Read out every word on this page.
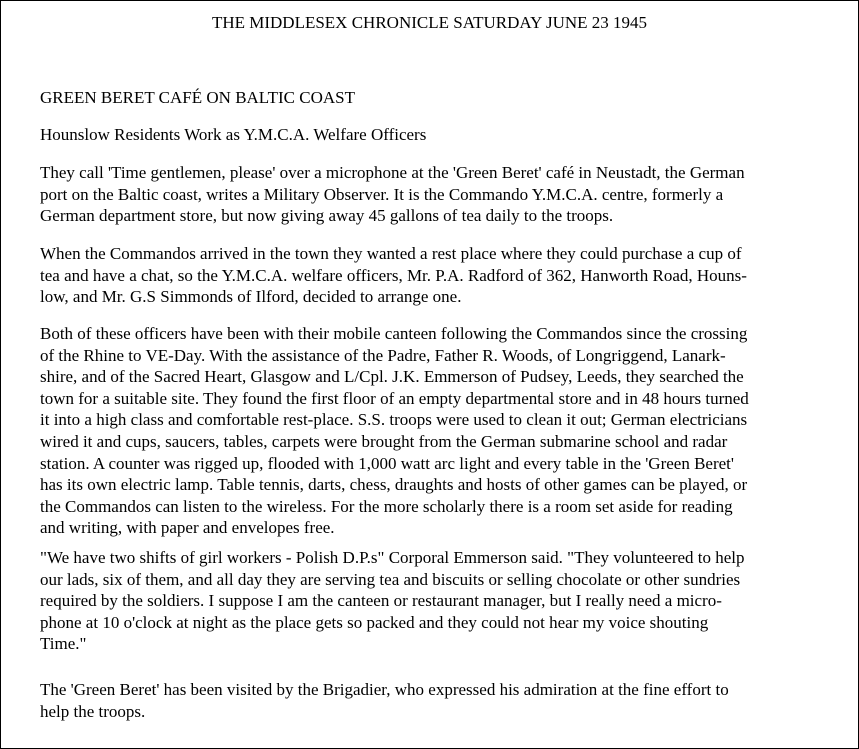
THE MIDDLESEX CHRONICLE SATURDAY JUNE 23 1945
GREEN BERET CAFÉ ON BALTIC COAST
Hounslow Residents Work as Y.M.C.A. Welfare Officers
They call 'Time gentlemen, please' over a microphone at the 'Green Beret' café in Neustadt, the German
port on the Baltic coast, writes a Military Observer. It is the Commando Y.M.C.A. centre, formerly a
German department store, but now giving away 45 gallons of tea daily to the troops.
When the Commandos arrived in the town they wanted a rest place where they could purchase a cup of
tea and have a chat, so the Y.M.C.A. welfare officers, Mr. P.A. Radford of 362, Hanworth Road, Houns-
low, and Mr. G.S Simmonds of Ilford, decided to arrange one.
Both of these officers have been with their mobile canteen following the Commandos since the crossing
of the Rhine to VE-Day. With the assistance of the Padre, Father R. Woods, of Longriggend, Lanark-
shire, and of the Sacred Heart, Glasgow and L/Cpl. J.K. Emmerson of Pudsey, Leeds, they searched the
town for a suitable site. They found the first floor of an empty departmental store and in 48 hours turned
it into a high class and comfortable rest-place. S.S. troops were used to clean it out; German electricians
wired it and cups, saucers, tables, carpets were brought from the German submarine school and radar
station. A counter was rigged up, flooded with 1,000 watt arc light and every table in the 'Green Beret'
has its own electric lamp. Table tennis, darts, chess, draughts and hosts of other games can be played, or
the Commandos can listen to the wireless. For the more scholarly there is a room set aside for reading
and writing, with paper and envelopes free.
"We have two shifts of girl workers - Polish D.P.s" Corporal Emmerson said. "They volunteered to help
our lads, six of them, and all day they are serving tea and biscuits or selling chocolate or other sundries
required by the soldiers. I suppose I am the canteen or restaurant manager, but I really need a micro-
phone at 10 o'clock at night as the place gets so packed and they could not hear my voice shouting
Time."
The 'Green Beret' has been visited by the Brigadier, who expressed his admiration at the fine effort to
help the troops.
